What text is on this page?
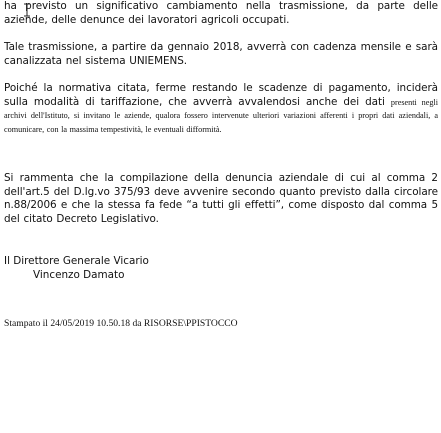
ha previsto un significativo cambiamento nella trasmissione, da parte delle aziende, delle denunce dei lavoratori agricoli occupati.

Tale trasmissione, a partire da gennaio 2018, avverrà con cadenza mensile e sarà canalizzata nel sistema UNIEMENS.

Poiché la normativa citata, ferme restando le scadenze di pagamento, inciderà sulla modalità di tariffazione, che avverrà avvalendosi anche dei dati presenti negli archivi dell'Istituto, si invitano le aziende, qualora fossero intervenute ulteriori variazioni afferenti i propri dati aziendali, a comunicare, con la massima tempestività, le eventuali difformità.

Si rammenta che la compilazione della denuncia aziendale di cui al comma 2 dell'art.5 del D.lg.vo 375/93 deve avvenire secondo quanto previsto dalla circolare n.88/2006 e che la stessa fa fede “a tutti gli effetti”, come disposto dal comma 5 del citato Decreto Legislativo.

Il Direttore Generale Vicario
Vincenzo Damato
Stampato il 24/05/2019 10.50.18 da RISORSE\PPISTOCCO
